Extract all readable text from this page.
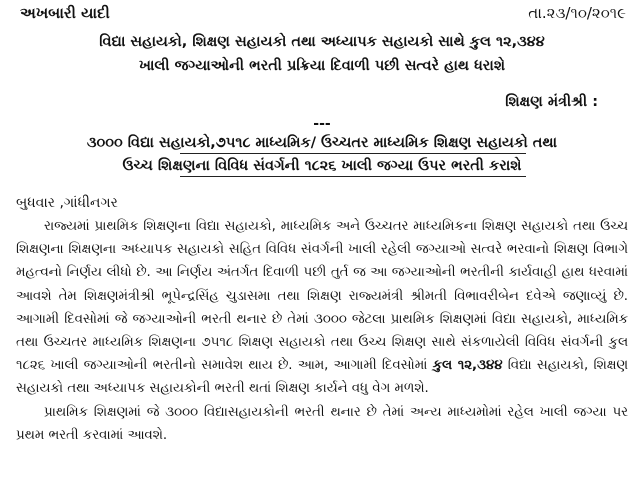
અખબારી યાદી	તા.૨૩/૧૦/૨૦૧૯
વિદ્યા સહાયકો, શિક્ષણ સહાયકો તથા અધ્યાપક સહાયકો સાથે કુલ ૧૨,૩૪૪
ખાલી જગ્યાઓની ભરતી પ્રક્રિયા દિવાળી પછી સત્વરે હાથ ધરાશે
શિક્ષણ મંત્રીશ્રી :
---
૩૦૦૦ વિદ્યા સહાયકો,૭૫૧૮ માધ્યમિક/ ઉચ્ચતર માધ્યમિક શિક્ષણ સહાયકો તથા
ઉચ્ચ શિક્ષણના વિવિધ સંવર્ગની ૧૮૨૬ ખાલી જગ્યા ઉપર ભરતી કરાશે
બુધવાર ,ગાંધીનગર

રાજ્યમાં પ્રાથમિક શિક્ષણના વિદ્યા સહાયકો, માધ્યમિક અને ઉચ્ચતર માધ્યમિકના શિક્ષણ સહાયકો તથા ઉચ્ચ શિક્ષણના શિક્ષણના અધ્યાપક સહાયકો સહિત વિવિધ સંવર્ગની ખાલી રહેલી જગ્યાઓ સત્વરે ભરવાનો શિક્ષણ વિભાગે મહત્વનો નિર્ણય લીધો છે. આ નિર્ણય અંતર્ગત દિવાળી પછી તુર્ત જ આ જગ્યાઓની ભરતીની કાર્યવાહી હાથ ધરવામાં આવશે તેમ શિક્ષણમંત્રીશ્રી ભૂપેન્દ્રસિંહ ચુડાસમા તથા શિક્ષણ રાજ્યમંત્રી શ્રીમતી વિભાવરીબેન દવેએ જણાવ્યું છે. આગામી દિવસોમાં જે જગ્યાઓની ભરતી થનાર છે તેમાં ૩૦૦૦ જેટલા પ્રાથમિક શિક્ષણમાં વિદ્યા સહાયકો, માધ્યમિક તથા ઉચ્ચતર માધ્યમિક શિક્ષણના ૭૫૧૮ શિક્ષણ સહાયકો તથા ઉચ્ચ શિક્ષણ સાથે સંકળાયેલી વિવિધ સંવર્ગની કુલ ૧૮૨૬ ખાલી જગ્યાઓની ભરતીનો સમાવેશ થાય છે. આમ, આગામી દિવસોમાં કુલ ૧૨,૩૪૪ વિદ્યા સહાયકો, શિક્ષણ સહાયકો તથા અધ્યાપક સહાયકોની ભરતી થતાં શિક્ષણ કાર્યને વધુ વેગ મળશે.

પ્રાથમિક શિક્ષણમાં જે ૩૦૦૦ વિદ્યાસહાયકોની ભરતી થનાર છે તેમાં અન્ય માધ્યમોમાં રહેલ ખાલી જગ્યા પર પ્રથમ ભરતી કરવામાં આવશે.
